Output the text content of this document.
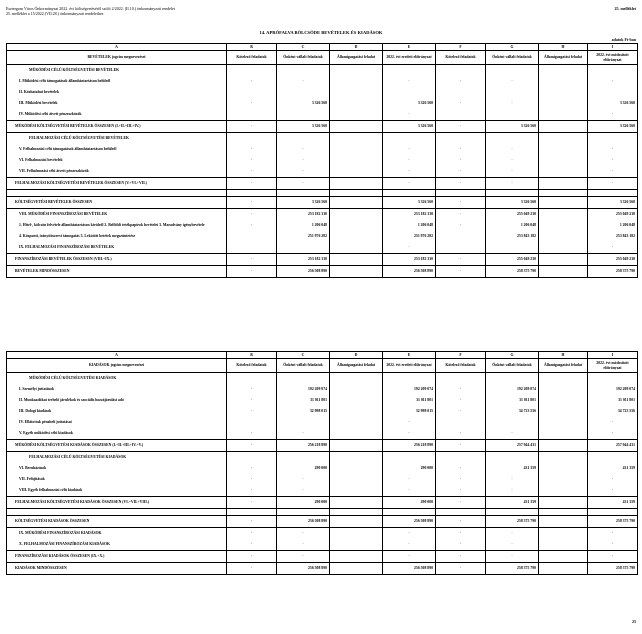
Esztergom Város Önkormányzat 2022. évi költségvetéséről szóló 2/2022. (II.10.) önkormányzati rendelet
25. melléklet a 15/2022.(VII.28.) önkormányzati rendelethez
25. melléklet
14. APRÓFALVA BÖLCSŐDE BEVÉTELEK ÉS KIADÁSOK
adatok Ft-ban
A	B	C	D	E	F	G	H	I
BEVÉTELEK jogcím megnevezései	Kötelező feladatok	Önként vállalt feladatok	Államigazgatási feladat	2022. évi eredeti előirányzat	Kötelező feladatok	Önként vállalt feladatok	Államigazgatási feladat	2022. évi módosított előirányzat
MŰKÖDÉSI CÉLÚ KÖLTSÉGVETÉSI BEVÉTELEK								
I. Működési célú támogatások államháztartáson belülről	-	-		-	-	-		-
II. Közhatalmi bevételek								
III. Működési bevételek	-	3 326 560		3 326 560	-	-		3 326 560
IV. Működési célú átvett pénzeszközök				-				-
MŰKÖDÉSI KÖLTSÉGVETÉSI BEVÉTELEK ÖSSZESEN (I.+II.+III.+IV.)	-	3 326 560		3 326 560	-	3 326 560		3 326 560
FELHALMOZÁSI CÉLÚ KÖLTSÉGVETÉSI BEVÉTELEK								
V. Felhalmozási célú támogatások államháztartáson belülről	-	-		-	-	-		-
VI. Felhalmozási bevételek	-	-		-	-	-		-
VII. Felhalmozási célú átvett pénzeszközök	-	-		-	-	-		-
FELHALMOZÁSI KÖLTSÉGVETÉSI BEVÉTELEK ÖSSZESEN (V.+VI.+VII.)	-	-		-	-	-		-

KÖLTSÉGVETÉSI BEVÉTELEK ÖSSZESEN	-	3 326 560		3 326 560	-	3 326 560		3 326 560
VIII. MŰKÖDÉSI FINANSZÍROZÁSI BEVÉTELEK	-	253 182 330		253 182 330	-	255 049 230		255 049 230
1. Hitel-, kölcsön felvétele államháztartáson kívülről 2. Belföldi értékpapírok bevételei 3. Maradvány igénybevétele	-	1 206 048		1 206 048	-	1 206 048		1 206 048
4. Központi, irányítószervi támogatás 5. Lekötött betétek megszüntetése		251 976 282		251 976 282		253 843 182		253 843 182
IX. FELHALMOZÁSI FINANSZÍROZÁSI BEVÉTELEK				-				-
FINANSZÍROZÁSI BEVÉTELEK ÖSSZESEN (VIII.+IX.)	-	253 182 330		253 182 330	-	255 049 230		255 049 230
BEVÉTELEK MINDÖSSZESEN	-	256 508 890		256 508 890	-	258 375 790		258 375 790
A	B	C	D	E	F	G	H	I
KIADÁSOK jogcím megnevezései	Kötelező feladatok	Önként vállalt feladatok	Államigazgatási feladat	2022. évi eredeti előirányzat	Kötelező feladatok	Önként vállalt feladatok	Államigazgatási feladat	2022. évi módosított előirányzat
MŰKÖDÉSI CÉLÚ KÖLTSÉGVETÉSI KIADÁSOK								
I. Személyi juttatások	-	192 209 074		192 209 074	-	192 209 074		192 209 074
II. Munkaadókat terhelő járulékok és szociális hozzájárulási adó	-	31 011 801		31 011 801	-	31 011 801		31 011 801
III. Dologi kiadások	-	32 998 015		32 998 015	-	34 723 556		34 723 556
IV. Ellátottak pénzbeli juttatásai				-				-
V. Egyéb működési célú kiadások	-	-		-	-	-		-
MŰKÖDÉSI KÖLTSÉGVETÉSI KIADÁSOK ÖSSZESEN (I.+II.+III.+IV.+V.)	-	256 218 890		256 218 890	-	257 944 431		257 944 431
FELHALMOZÁSI CÉLÚ KÖLTSÉGVETÉSI KIADÁSOK								
VI. Beruházások	-	290 000		290 000	-	431 359		431 359
VII. Felújítások	-	-		-	-	-		-
VIII. Egyéb felhalmozási célú kiadások	-	-		-	-	-		-
FELHALMOZÁSI KÖLTSÉGVETÉSI KIADÁSOK ÖSSZESEN (VI.+VII.+VIII.)	-	290 000		290 000	-	431 359		431 359

KÖLTSÉGVETÉSI KIADÁSOK ÖSSZESEN	-	256 508 890		256 508 890	-	258 375 790		258 375 790
IX. MŰKÖDÉSI FINANSZÍROZÁSI KIADÁSOK	-	-		-	-	-		-
X. FELHALMOZÁSI FINANSZÍROZÁSI KIADÁSOK	-	-		-	-	-		-
FINANSZÍROZÁSI KIADÁSOK ÖSSZESEN (IX.+X.)	-	-		-	-	-		-
KIADÁSOK MINDÖSSZESEN	-	256 508 890		256 508 890	-	258 375 790		258 375 790
25
